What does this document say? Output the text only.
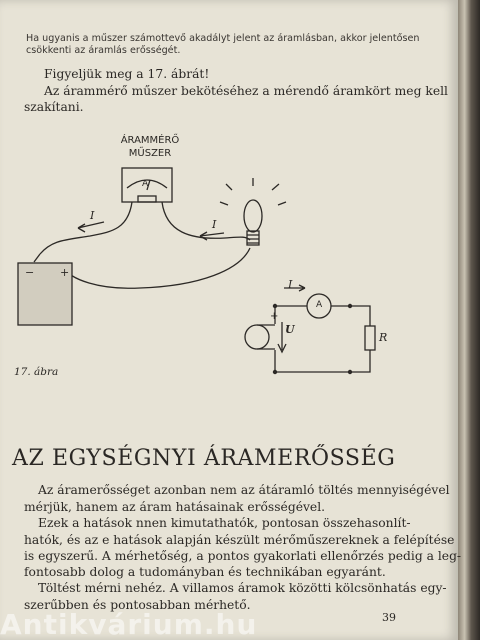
Ha ugyanis a műszer számottevő akadályt jelent az áramlásban, akkor jelentősen
csökkenti az áramlás erősségét.
Figyeljük meg a 17. ábrát!
Az árammérő műszer bekötéséhez a mérendő áramkört meg kell
szakítani.
ÁRAMMÉRŐ
MŰSZER
A
I
I
I
A
U
R
+
− +
17. ábra
AZ EGYSÉGNYI ÁRAMERŐSSÉG
Az áramerősséget azonban nem az átáramló töltés mennyiségével
mérjük, hanem az áram hatásainak erősségével.
Ezek a hatások nnen kimutathatók, pontosan összehasonlít-
hatók, és az e hatások alapján készült mérőműszereknek a felépítése
is egyszerű. A mérhetőség, a pontos gyakorlati ellenőrzés pedig a leg-
fontosabb dolog a tudományban és technikában egyaránt.
Töltést mérni nehéz. A villamos áramok közötti kölcsönhatás egy-
szerűbben és pontosabban mérhető.
39
Antikvárium.hu
